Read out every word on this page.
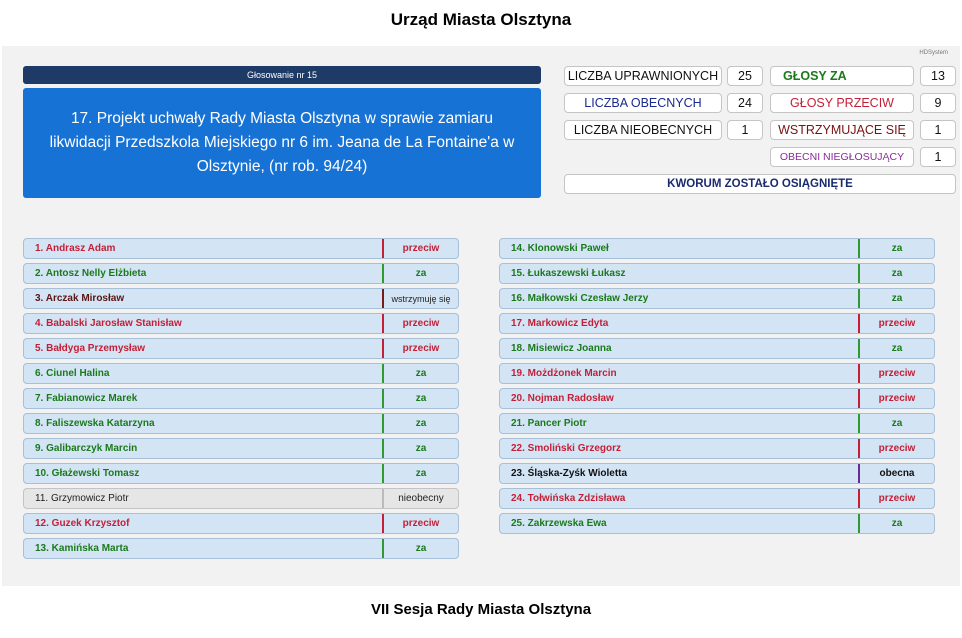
Urząd Miasta Olsztyna
HDSystem
Głosowanie nr 15
17. Projekt uchwały Rady Miasta Olsztyna w sprawie zamiaru likwidacji Przedszkola Miejskiego nr 6 im. Jeana de La Fontaine'a w Olsztynie, (nr rob. 94/24)
LICZBA UPRAWNIONYCH	25
LICZBA OBECNYCH	24
LICZBA NIEOBECNYCH	1
GŁOSY ZA	13
GŁOSY PRZECIW	9
WSTRZYMUJĄCE SIĘ	1
OBECNI NIEGŁOSUJĄCY	1
KWORUM ZOSTAŁO OSIĄGNIĘTE
1. Andrasz Adam	przeciw
2. Antosz Nelly Elżbieta	za
3. Arczak Mirosław	wstrzymuję się
4. Babalski Jarosław Stanisław	przeciw
5. Bałdyga Przemysław	przeciw
6. Ciunel Halina	za
7. Fabianowicz Marek	za
8. Faliszewska Katarzyna	za
9. Galibarczyk Marcin	za
10. Głażewski Tomasz	za
11. Grzymowicz Piotr	nieobecny
12. Guzek Krzysztof	przeciw
13. Kamińska Marta	za
14. Klonowski Paweł	za
15. Łukaszewski Łukasz	za
16. Małkowski Czesław Jerzy	za
17. Markowicz Edyta	przeciw
18. Misiewicz Joanna	za
19. Możdżonek Marcin	przeciw
20. Nojman Radosław	przeciw
21. Pancer Piotr	za
22. Smoliński Grzegorz	przeciw
23. Śląska-Zyśk Wioletta	obecna
24. Tołwińska Zdzisława	przeciw
25. Zakrzewska Ewa	za
VII Sesja Rady Miasta Olsztyna
